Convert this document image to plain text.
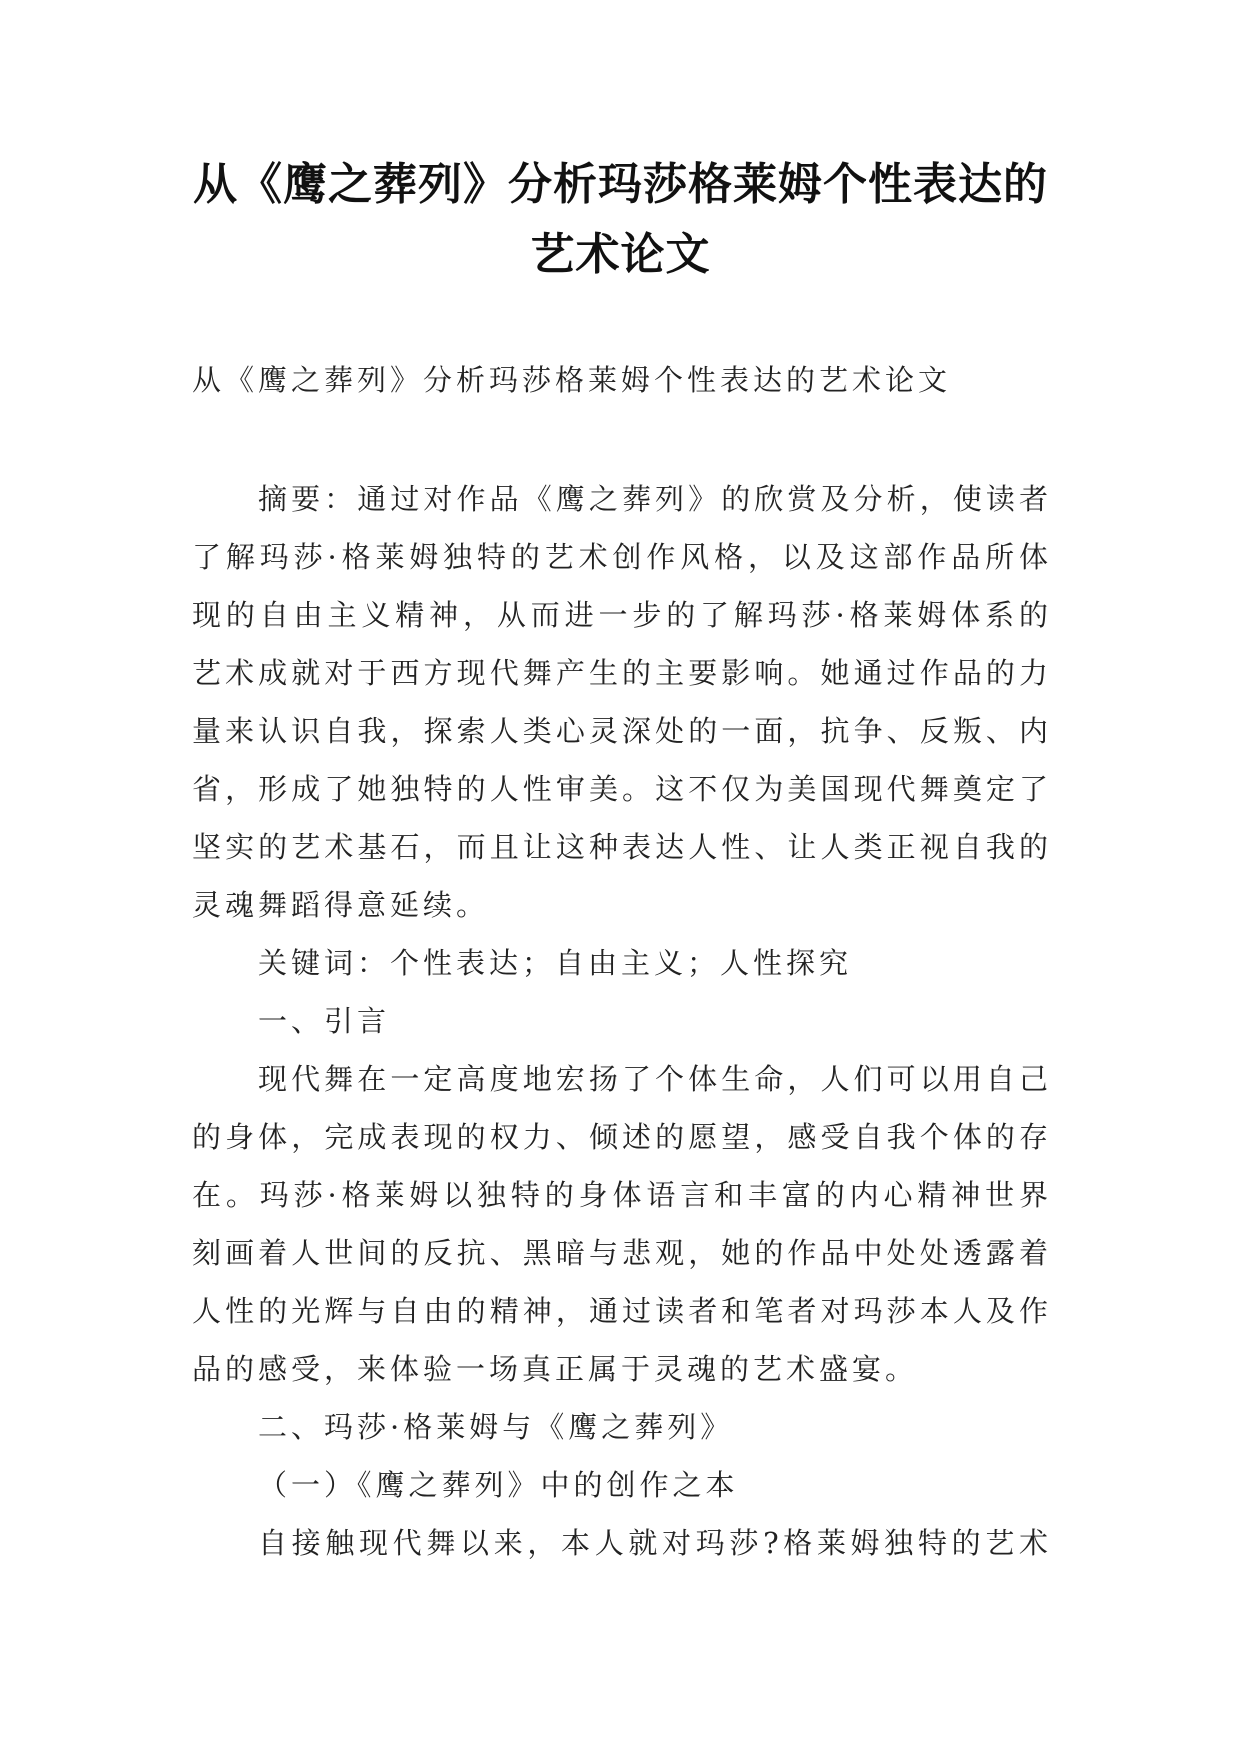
从《鹰之葬列》分析玛莎格莱姆个性表达的
艺术论文
从《鹰之葬列》分析玛莎格莱姆个性表达的艺术论文

摘要：通过对作品《鹰之葬列》的欣赏及分析，使读者
了解玛莎·格莱姆独特的艺术创作风格，以及这部作品所体
现的自由主义精神，从而进一步的了解玛莎·格莱姆体系的
艺术成就对于西方现代舞产生的主要影响。她通过作品的力
量来认识自我，探索人类心灵深处的一面，抗争、反叛、内
省，形成了她独特的人性审美。这不仅为美国现代舞奠定了
坚实的艺术基石，而且让这种表达人性、让人类正视自我的
灵魂舞蹈得意延续。

关键词：个性表达；自由主义；人性探究

一、引言

现代舞在一定高度地宏扬了个体生命，人们可以用自己
的身体，完成表现的权力、倾述的愿望，感受自我个体的存
在。玛莎·格莱姆以独特的身体语言和丰富的内心精神世界
刻画着人世间的反抗、黑暗与悲观，她的作品中处处透露着
人性的光辉与自由的精神，通过读者和笔者对玛莎本人及作
品的感受，来体验一场真正属于灵魂的艺术盛宴。

二、玛莎·格莱姆与《鹰之葬列》

（一）《鹰之葬列》中的创作之本

自接触现代舞以来，本人就对玛莎?格莱姆独特的艺术
